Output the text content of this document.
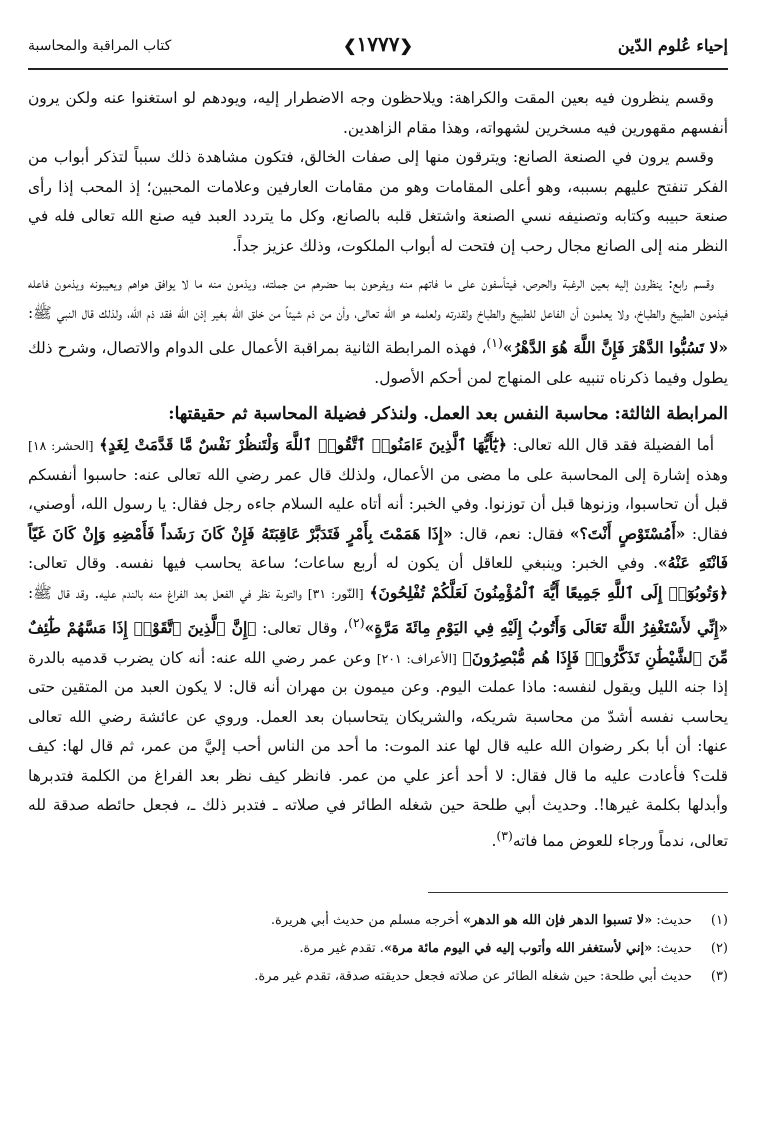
إحياء عُلوم الدّين
❮١٧٧٧❯
كتاب المراقبة والمحاسبة

وقسم ينظرون فيه بعين المقت والكراهة: ويلاحظون وجه الاضطرار إليه، ويودهم لو استغنوا عنه ولكن يرون أنفسهم مقهورين فيه مسخرين لشهواته، وهذا مقام الزاهدين.

وقسم يرون في الصنعة الصانع: ويترقون منها إلى صفات الخالق، فتكون مشاهدة ذلك سبباً لتذكر أبواب من الفكر تنفتح عليهم بسببه، وهو أعلى المقامات وهو من مقامات العارفين وعلامات المحبين؛ إذ المحب إذا رأى صنعة حبيبه وكتابه وتصنيفه نسي الصنعة واشتغل قلبه بالصانع، وكل ما يتردد العبد فيه صنع الله تعالى فله في النظر منه إلى الصانع مجال رحب إن فتحت له أبواب الملكوت، وذلك عزيز جداً.

وقسم رابع: ينظرون إليه بعين الرغبة والحرص، فيتأسفون على ما فاتهم منه ويفرحون بما حضرهم من جملته، ويذمون منه ما لا يوافق هواهم ويعيبونه ويذمون فاعله فيذمون الطبيخ والطباخ، ولا يعلمون أن الفاعل للطبيخ والطباخ ولقدرته ولعلمه هو الله تعالى، وأن من ذم شيئاً من خلق الله بغير إذن الله فقد ذم الله، ولذلك قال النبي ﷺ: «لا تَسُبُّوا الدَّهْرَ فَإِنَّ اللَّهَ هُوَ الدَّهْرُ»$^{(١)}$، فهذه المرابطة الثانية بمراقبة الأعمال على الدوام والاتصال، وشرح ذلك يطول وفيما ذكرناه تنبيه على المنهاج لمن أحكم الأصول.

المرابطة الثالثة: محاسبة النفس بعد العمل. ولنذكر فضيلة المحاسبة ثم حقيقتها:

أما الفضيلة فقد قال الله تعالى: ﴿يَٰٓأَيُّهَا ٱلَّذِينَ ءَامَنُوا۟ ٱتَّقُوا۟ ٱللَّهَ وَلْتَنظُرْ نَفْسٌ مَّا قَدَّمَتْ لِغَدٍ﴾ [الحشر: ١٨] وهذه إشارة إلى المحاسبة على ما مضى من الأعمال، ولذلك قال عمر رضي الله تعالى عنه: حاسبوا أنفسكم قبل أن تحاسبوا، وزنوها قبل أن توزنوا. وفي الخبر: أنه أتاه عليه السلام جاءه رجل فقال: يا رسول الله، أوصني، فقال: «أَمُسْتَوْصٍ أَنْتَ؟» فقال: نعم، قال: «إِذَا هَمَمْتَ بِأَمْرٍ فَتَدَبَّرْ عَاقِبَتَهُ فَإِنْ كَانَ رَشَداً فَأَمْضِهِ وَإِنْ كَانَ غَيّاً فَانْتَهِ عَنْهُ». وفي الخبر: وينبغي للعاقل أن يكون له أربع ساعات؛ ساعة يحاسب فيها نفسه. وقال تعالى: ﴿وَتُوبُوٓا۟ إِلَى ٱللَّهِ جَمِيعًا أَيُّهَ ٱلْمُؤْمِنُونَ لَعَلَّكُمْ تُفْلِحُونَ﴾ [النّور: ٣١] والتوبة نظر في الفعل بعد الفراغ منه بالندم عليه. وقد قال ﷺ: «إِنِّي لأَسْتَغْفِرُ اللَّهَ تَعَالَى وَأَتُوبُ إِلَيْهِ فِي اليَوْمِ مِائَةَ مَرَّةٍ»$^{(٢)}$، وقال تعالى: ﴿إِنَّ ٱلَّذِينَ ٱتَّقَوْا۟ إِذَا مَسَّهُمْ طَٰٓئِفٌ مِّنَ ٱلشَّيْطَٰنِ تَذَكَّرُوا۟ فَإِذَا هُم مُّبْصِرُونَ﴾ [الأعراف: ٢٠١] وعن عمر رضي الله عنه: أنه كان يضرب قدميه بالدرة إذا جنه الليل ويقول لنفسه: ماذا عملت اليوم. وعن ميمون بن مهران أنه قال: لا يكون العبد من المتقين حتى يحاسب نفسه أشدّ من محاسبة شريكه، والشريكان يتحاسبان بعد العمل. وروي عن عائشة رضي الله تعالى عنها: أن أبا بكر رضوان الله عليه قال لها عند الموت: ما أحد من الناس أحب إليَّ من عمر، ثم قال لها: كيف قلت؟ فأعادت عليه ما قال فقال: لا أحد أعز علي من عمر. فانظر كيف نظر بعد الفراغ من الكلمة فتدبرها وأبدلها بكلمة غيرها!. وحديث أبي طلحة حين شغله الطائر في صلاته ـ فتدبر ذلك ـ، فجعل حائطه صدقة لله تعالى، ندماً ورجاء للعوض مما فاته$^{(٣)}$.

(١)
حديث: «لا تسبوا الدهر فإن الله هو الدهر» أخرجه مسلم من حديث أبي هريرة.
(٢)
حديث: «إني لأستغفر الله وأتوب إليه في اليوم مائة مرة». تقدم غير مرة.
(٣)
حديث أبي طلحة: حين شغله الطائر عن صلاته فجعل حديقته صدقة، تقدم غير مرة.
